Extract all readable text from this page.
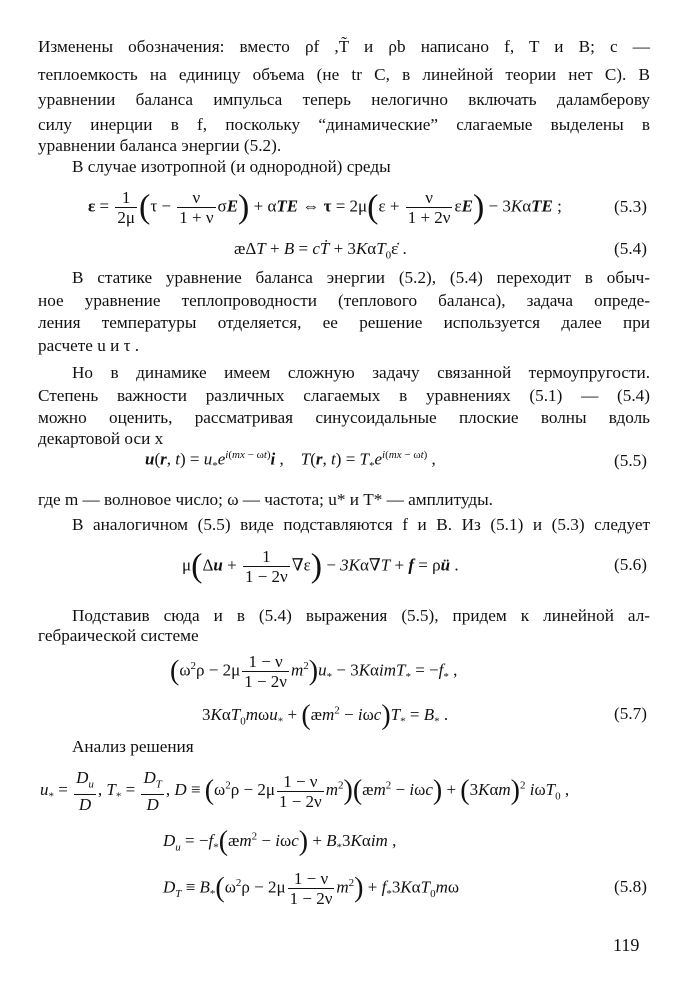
Изменены обозначения: вместо ρf ,T̃ и ρb написано f, T и B; c —
теплоемкость на единицу объема (не tr C, в линейной теории нет C). В
уравнении баланса импульса теперь нелогично включать даламберову
силу инерции в f, поскольку “динамические” слагаемые выделены в
уравнении баланса энергии (5.2).
В случае изотропной (и однородной) среды
$\varepsilon = \frac{1}{2\mu} (\tau - \frac{\nu}{1 + \nu} \sigma E) + \alpha TE$ ⇔ $\tau = 2\mu(\varepsilon + \frac{\nu}{1 + 2\nu} \varepsilon E) - 3K\alpha TE$ ;	(5.3)
æΔT + B = cṪ + 3KαT$_0$ε̇ .	(5.4)
В статике уравнение баланса энергии (5.2), (5.4) переходит в обыч-
ное уравнение теплопроводности (теплового баланса), задача опреде-
ления температуры отделяется, ее решение используется далее при
расчете u и τ .
Но в динамике имеем сложную задачу связанной термоупругости.
Степень важности различных слагаемых в уравнениях (5.1) — (5.4)
можно оценить, рассматривая синусоидальные плоские волны вдоль
декартовой оси x
u(r, $t) = u_*e^{i(mx - \omega t)}i$ ,    T(r, $t) = T_*e^{i(mx - \omega t)}$ ,	(5.5)
где m — волновое число; ω — частота; u* и T* — амплитуды.
В аналогичном (5.5) виде подставляются f и B. Из (5.1) и (5.3) следует
$\mu(\Delta u + \frac{1}{1 - 2\nu} \nabla\varepsilon) - 3K\alpha\nabla T + f$ = ρü .	(5.6)
Подставив сюда и в (5.4) выражения (5.5), придем к линейной ал-
гебраической системе
$(\omega^2\rho - 2\mu \frac{1 - \nu}{1 - 2\nu} m^2)u_* - 3K\alpha imT_* = -f_*$ ,
$3K\alpha T_0m\omega u_* + (æm^2 - i\omega c)T_* = B_*$ .	(5.7)
Анализ решения
$u_* = \frac{D_u}{D}$ , $T_* = \frac{D_T}{D}$ , $D \equiv (\omega^2\rho - 2\mu \frac{1 - \nu}{1 - 2\nu}$ $m^2)(æm^2 - i\omega c) + (3K\alpha m)^2$ iωT$_0$ ,
$D_u$ = $-f_*(æm^2 - i\omega c) + B_*3K\alpha im$ ,
$D_T \equiv B_*(\omega^2\rho - 2\mu \frac{1 - \nu}{1 - 2\nu} m^2) + f_*3K\alpha T_0m\omega$	(5.8)
119
